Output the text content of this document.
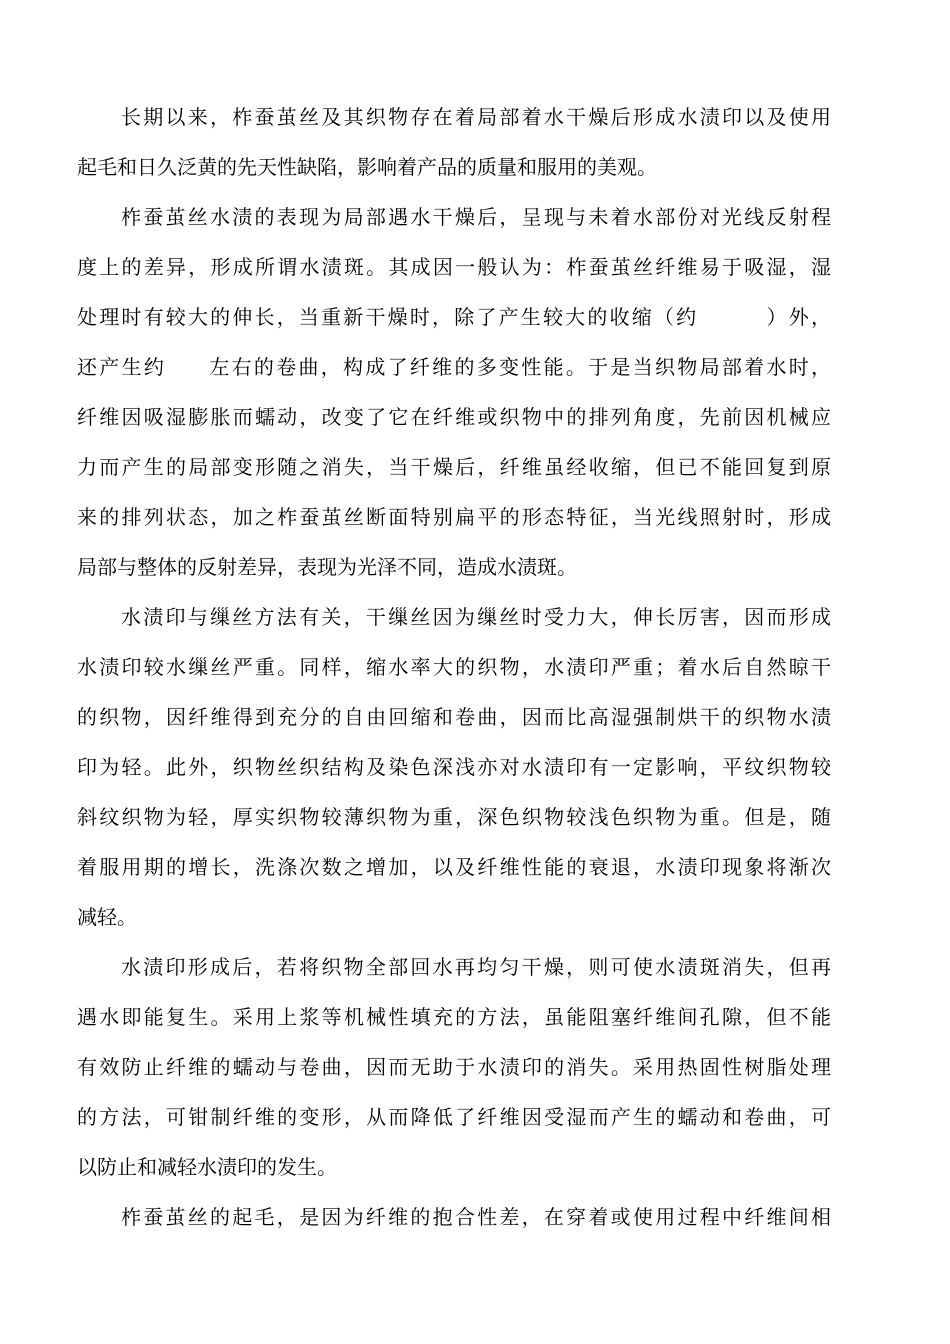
长期以来，柞蚕茧丝及其织物存在着局部着水干燥后形成水渍印以及使用
起毛和日久泛黄的先天性缺陷，影响着产品的质量和服用的美观。
柞蚕茧丝水渍的表现为局部遇水干燥后，呈现与未着水部份对光线反射程
度上的差异，形成所谓水渍斑。其成因一般认为：柞蚕茧丝纤维易于吸湿，湿
处理时有较大的伸长，当重新干燥时，除了产生较大的收缩（约        ）外，
还产生约     左右的卷曲，构成了纤维的多变性能。于是当织物局部着水时，
纤维因吸湿膨胀而蠕动，改变了它在纤维或织物中的排列角度，先前因机械应
力而产生的局部变形随之消失，当干燥后，纤维虽经收缩，但已不能回复到原
来的排列状态，加之柞蚕茧丝断面特别扁平的形态特征，当光线照射时，形成
局部与整体的反射差异，表现为光泽不同，造成水渍斑。
水渍印与缫丝方法有关，干缫丝因为缫丝时受力大，伸长厉害，因而形成
水渍印较水缫丝严重。同样，缩水率大的织物，水渍印严重；着水后自然晾干
的织物，因纤维得到充分的自由回缩和卷曲，因而比高湿强制烘干的织物水渍
印为轻。此外，织物丝织结构及染色深浅亦对水渍印有一定影响，平纹织物较
斜纹织物为轻，厚实织物较薄织物为重，深色织物较浅色织物为重。但是，随
着服用期的增长，洗涤次数之增加，以及纤维性能的衰退，水渍印现象将渐次
减轻。
水渍印形成后，若将织物全部回水再均匀干燥，则可使水渍斑消失，但再
遇水即能复生。采用上浆等机械性填充的方法，虽能阻塞纤维间孔隙，但不能
有效防止纤维的蠕动与卷曲，因而无助于水渍印的消失。采用热固性树脂处理
的方法，可钳制纤维的变形，从而降低了纤维因受湿而产生的蠕动和卷曲，可
以防止和减轻水渍印的发生。
柞蚕茧丝的起毛，是因为纤维的抱合性差，在穿着或使用过程中纤维间相
